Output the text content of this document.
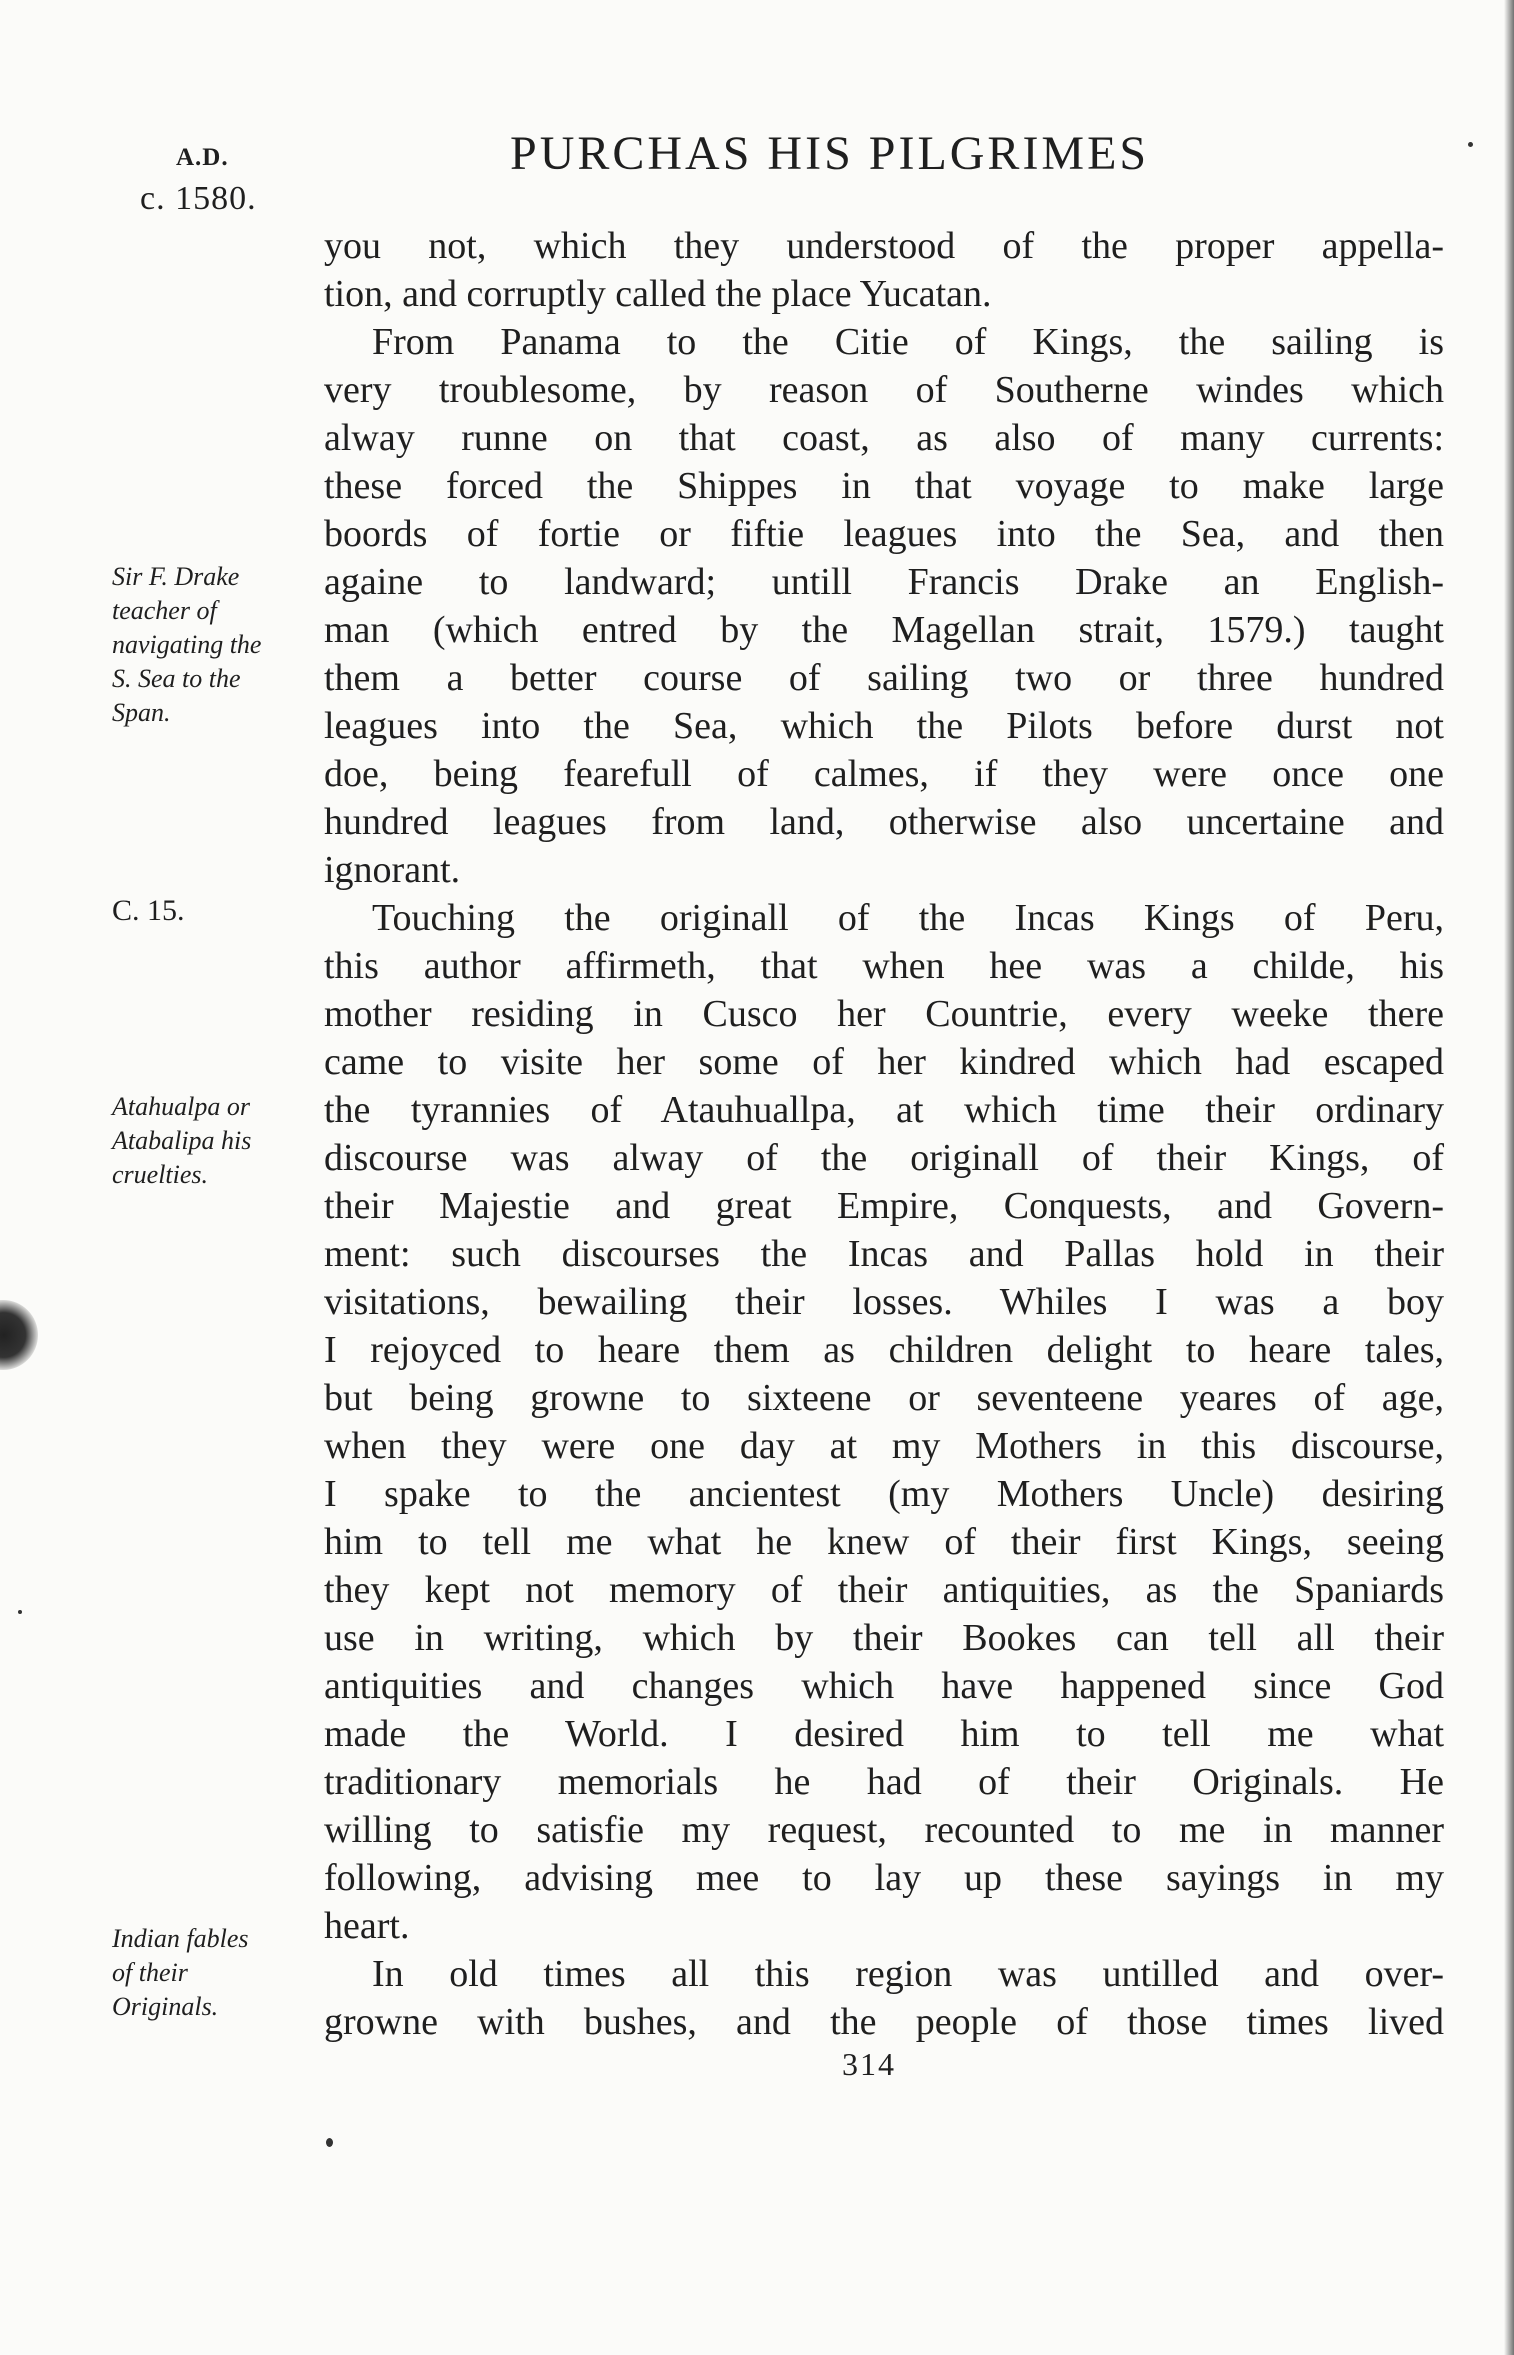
A.D.
c. 1580.
PURCHAS HIS PILGRIMES
Sir F. Drake
teacher of
navigating the
S. Sea to the
Span.
C. 15.
Atahualpa or
Atabalipa his
cruelties.
Indian fables
of their
Originals.
you not, which they understood of the proper appella-
tion, and corruptly called the place Yucatan.
From Panama to the Citie of Kings, the sailing is
very troublesome, by reason of Southerne windes which
alway runne on that coast, as also of many currents:
these forced the Shippes in that voyage to make large
boords of fortie or fiftie leagues into the Sea, and then
againe to landward; untill Francis Drake an English-
man (which entred by the Magellan strait, 1579.) taught
them a better course of sailing two or three hundred
leagues into the Sea, which the Pilots before durst not
doe, being fearefull of calmes, if they were once one
hundred leagues from land, otherwise also uncertaine and
ignorant.
Touching the originall of the Incas Kings of Peru,
this author affirmeth, that when hee was a childe, his
mother residing in Cusco her Countrie, every weeke there
came to visite her some of her kindred which had escaped
the tyrannies of Atauhuallpa, at which time their ordinary
discourse was alway of the originall of their Kings, of
their Majestie and great Empire, Conquests, and Govern-
ment: such discourses the Incas and Pallas hold in their
visitations, bewailing their losses. Whiles I was a boy
I rejoyced to heare them as children delight to heare tales,
but being growne to sixteene or seventeene yeares of age,
when they were one day at my Mothers in this discourse,
I spake to the ancientest (my Mothers Uncle) desiring
him to tell me what he knew of their first Kings, seeing
they kept not memory of their antiquities, as the Spaniards
use in writing, which by their Bookes can tell all their
antiquities and changes which have happened since God
made the World. I desired him to tell me what
traditionary memorials he had of their Originals. He
willing to satisfie my request, recounted to me in manner
following, advising mee to lay up these sayings in my
heart.
In old times all this region was untilled and over-
growne with bushes, and the people of those times lived
314
